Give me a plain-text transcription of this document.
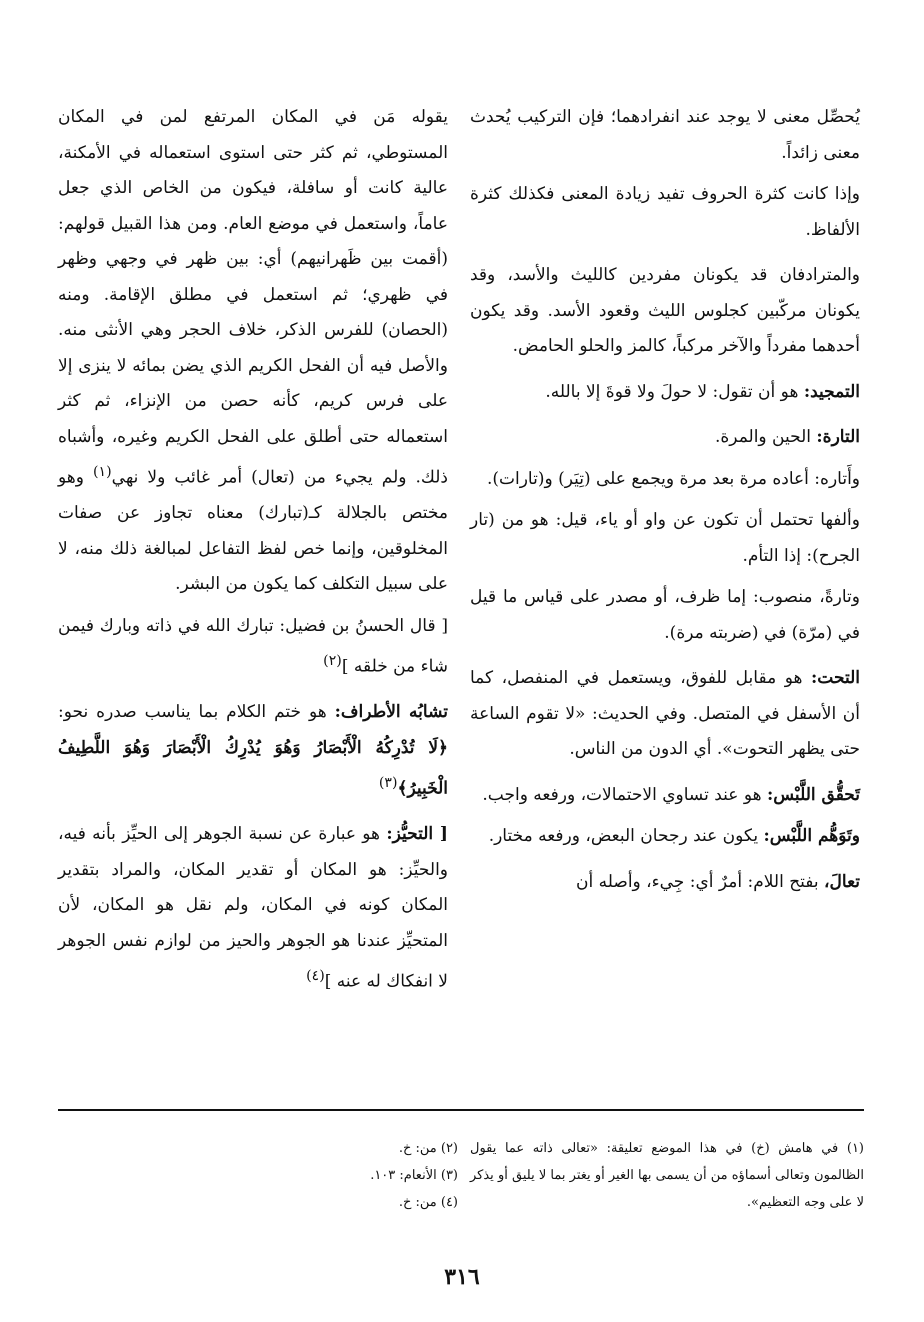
يُحصِّل معنى لا يوجد عند انفرادهما؛ فإن التركيب يُحدث معنى زائداً.

وإذا كانت كثرة الحروف تفيد زيادة المعنى فكذلك كثرة الألفاظ.

والمترادفان قد يكونان مفردين كالليث والأسد، وقد يكونان مركّبين كجلوس الليث وقعود الأسد. وقد يكون أحدهما مفرداً والآخر مركباً، كالمز والحلو الحامض.

التمجيد: هو أن تقول: لا حولَ ولا قوةَ إلا بالله.

التارة: الحين والمرة.

وأَتاره: أعاده مرة بعد مرة ويجمع على (تِيَر) و(تارات).

وألفها تحتمل أن تكون عن واو أو ياء، قيل: هو من (تار الجرح): إذا التأم.

وتارةً، منصوب: إما ظرف، أو مصدر على قياس ما قيل في (مرّة) في (ضربته مرة).

التحت: هو مقابل للفوق، ويستعمل في المنفصل، كما أن الأسفل في المتصل. وفي الحديث: «لا تقوم الساعة حتى يظهر التحوت». أي الدون من الناس.

تَحقُّق اللَّبْس: هو عند تساوي الاحتمالات، ورفعه واجب.

وتَوَهُّم اللَّبْس: يكون عند رجحان البعض، ورفعه مختار.

تعالَ، بفتح اللام: أمرٌ أي: جِيء، وأصله أن

يقوله مَن في المكان المرتفع لمن في المكان المستوطي، ثم كثر حتى استوى استعماله في الأمكنة، عالية كانت أو سافلة، فيكون من الخاص الذي جعل عاماً، واستعمل في موضع العام. ومن هذا القبيل قولهم: (أقمت بين ظَهرانيهم) أي: بين ظهر في وجهي وظهر في ظهري؛ ثم استعمل في مطلق الإقامة. ومنه (الحصان) للفرس الذكر، خلاف الحجر وهي الأنثى منه. والأصل فيه أن الفحل الكريم الذي يضن بمائه لا ينزى إلا على فرس كريم، كأنه حصن من الإنزاء، ثم كثر استعماله حتى أطلق على الفحل الكريم وغيره، وأشباه ذلك. ولم يجيء من (تعال) أمر غائب ولا نهي$^{(١)}$ وهو مختص بالجلالة كـ(تبارك) معناه تجاوز عن صفات المخلوقين، وإنما خص لفظ التفاعل لمبالغة ذلك منه، لا على سبيل التكلف كما يكون من البشر.

[ قال الحسنُ بن فضيل: تبارك الله في ذاته وبارك فيمن شاء من خلقه ]$^{(٢)}$

تشابُه الأطراف: هو ختم الكلام بما يناسب صدره نحو: ﴿لَا تُدْرِكُهُ الْأَبْصَارُ وَهُوَ يُدْرِكُ الْأَبْصَارَ وَهُوَ اللَّطِيفُ الْخَبِيرُ﴾$^{(٣)}$

[ التحيُّز: هو عبارة عن نسبة الجوهر إلى الحيِّز بأنه فيه، والحيِّز: هو المكان أو تقدير المكان، والمراد بتقدير المكان كونه في المكان، ولم نقل هو المكان، لأن المتحيِّز عندنا هو الجوهر والحيز من لوازم نفس الجوهر لا انفكاك له عنه ]$^{(٤)}$

(١) في هامش (خ) في هذا الموضع تعليقة: «تعالى ذاته عما يقول الظالمون وتعالى أسماؤه من أن يسمى بها الغير أو يغتر بما لا يليق أو يذكر لا على وجه التعظيم».

(٢) من: خ.

(٣) الأنعام: ١٠٣.

(٤) من: خ.

٣١٦
